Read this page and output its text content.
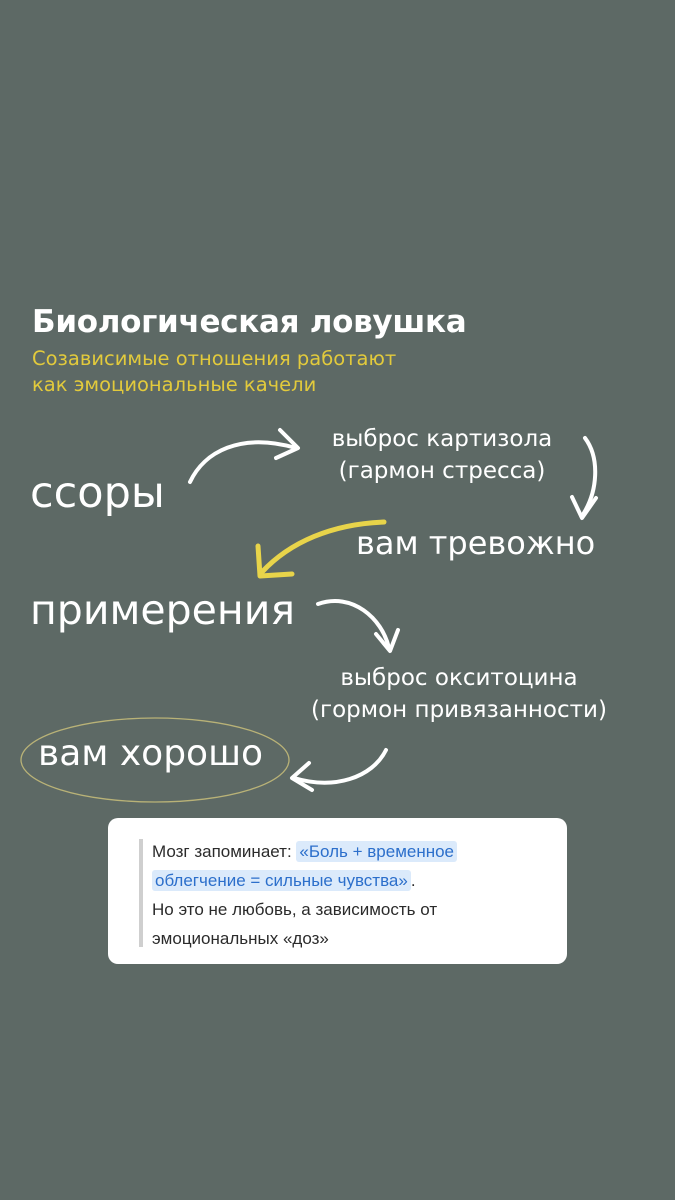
Биологическая ловушка
Созависимые отношения работают
как эмоциональные качели
ссоры
выброс картизола
(гармон стресса)
вам тревожно
примерения
выброс окситоцина
(гормон привязанности)
вам хорошо
Мозг запоминает: «Боль + временное
облегчение = сильные чувства» .
Но это не любовь, а зависимость от
эмоциональных «доз»
